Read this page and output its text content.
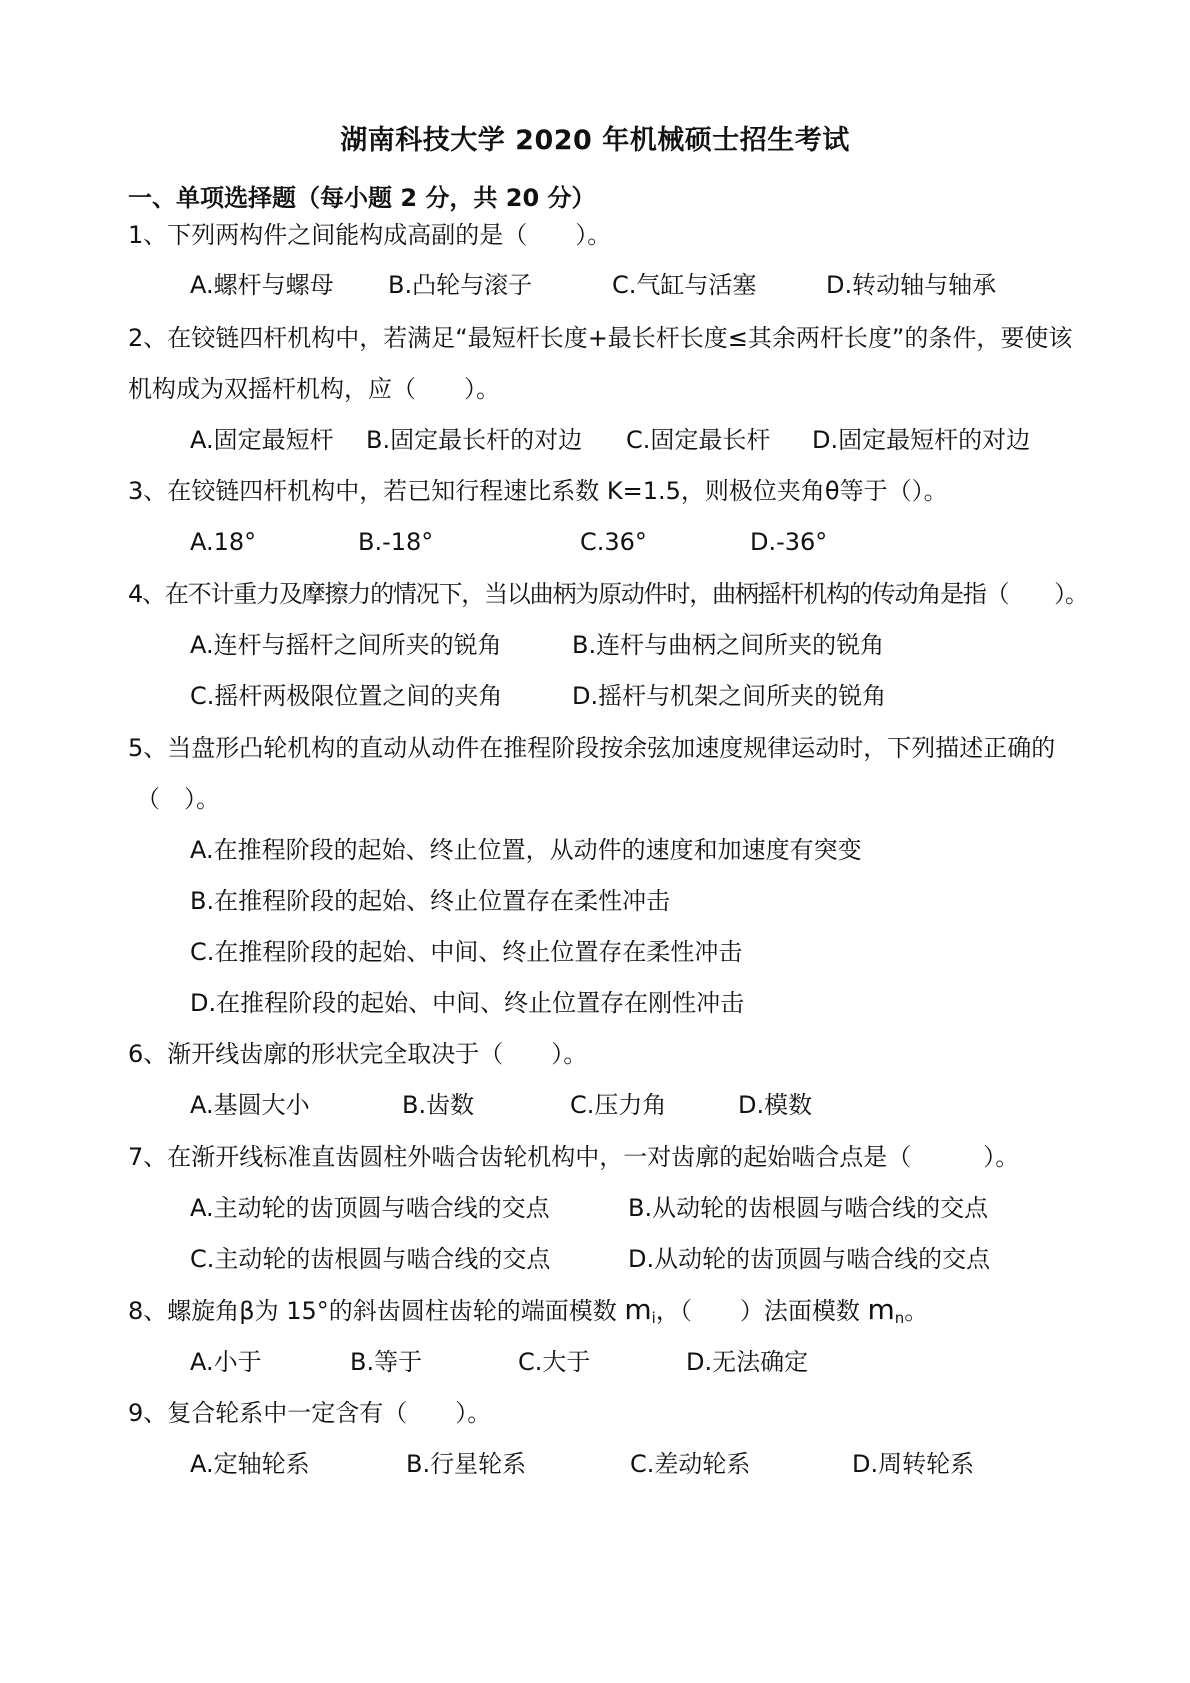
湖南科技大学 2020 年机械硕士招生考试
一、单项选择题（每小题 2 分，共 20 分）
1、下列两构件之间能构成高副的是（　　）。
A.螺杆与螺母 B.凸轮与滚子	C.气缸与活塞	D.转动轴与轴承
2、在铰链四杆机构中，若满足“最短杆长度+最长杆长度≤其余两杆长度”的条件，要使该
机构成为双摇杆机构，应（　　）。
A.固定最短杆 B.固定最长杆的对边 C.固定最长杆 D.固定最短杆的对边
3、在铰链四杆机构中，若已知行程速比系数 K=1.5，则极位夹角θ等于（）。
A.18°	B.-18°	C.36°	D.-36°
4、在不计重力及摩擦力的情况下，当以曲柄为原动件时，曲柄摇杆机构的传动角是指（　　）。
A.连杆与摇杆之间所夹的锐角	B.连杆与曲柄之间所夹的锐角
C.摇杆两极限位置之间的夹角	D.摇杆与机架之间所夹的锐角
5、当盘形凸轮机构的直动从动件在推程阶段按余弦加速度规律运动时，下列描述正确的
（　）。
A.在推程阶段的起始、终止位置，从动件的速度和加速度有突变
B.在推程阶段的起始、终止位置存在柔性冲击
C.在推程阶段的起始、中间、终止位置存在柔性冲击
D.在推程阶段的起始、中间、终止位置存在刚性冲击
6、渐开线齿廓的形状完全取决于（　　）。
A.基圆大小	B.齿数	C.压力角	D.模数
7、在渐开线标准直齿圆柱外啮合齿轮机构中，一对齿廓的起始啮合点是（　　　）。
A.主动轮的齿顶圆与啮合线的交点	B.从动轮的齿根圆与啮合线的交点
C.主动轮的齿根圆与啮合线的交点	D.从动轮的齿顶圆与啮合线的交点
8、螺旋角β为 15°的斜齿圆柱齿轮的端面模数 $m_i$，（　　）法面模数 $m_n$。
A.小于	B.等于	C.大于	D.无法确定
9、复合轮系中一定含有（　　）。
A.定轴轮系	B.行星轮系	C.差动轮系	D.周转轮系
